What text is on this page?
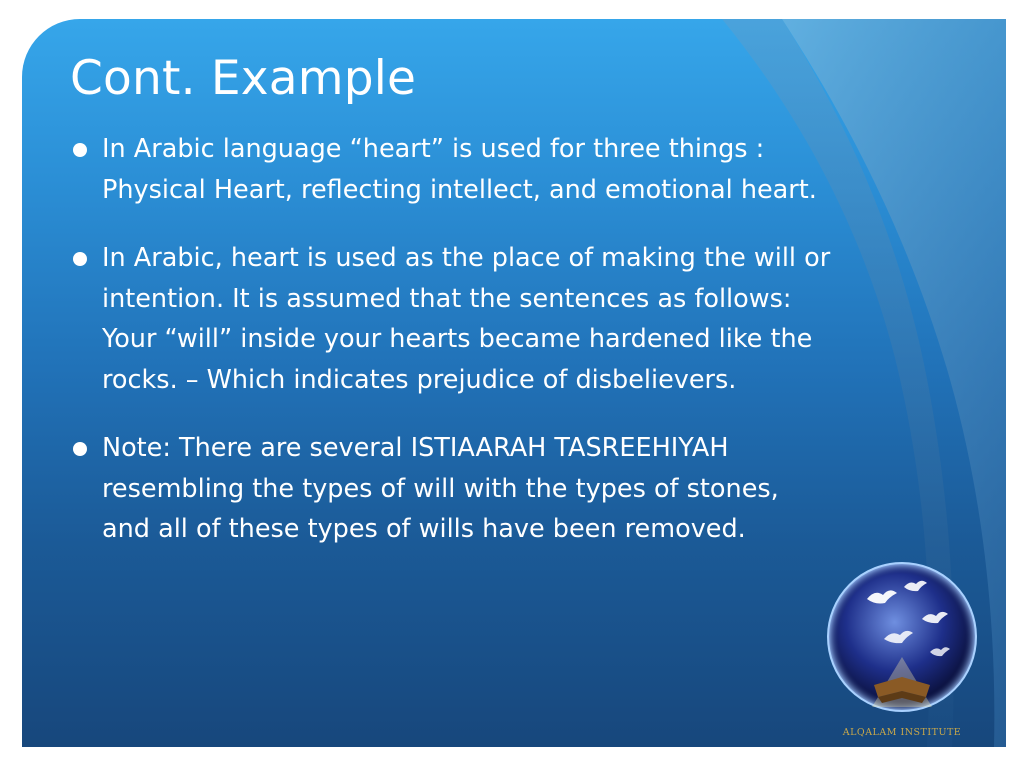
Cont. Example
In Arabic language “heart” is used for three things : Physical Heart, reflecting intellect, and emotional heart.
In Arabic, heart is used as the place of making the will or intention. It is assumed that the sentences as follows: Your “will” inside your hearts became hardened like the rocks. – Which indicates prejudice of disbelievers.
Note: There are several ISTIAARAH TASREEHIYAH resembling the types of will with the types of stones, and all of these types of wills have been removed.
ALQALAM INSTITUTE
